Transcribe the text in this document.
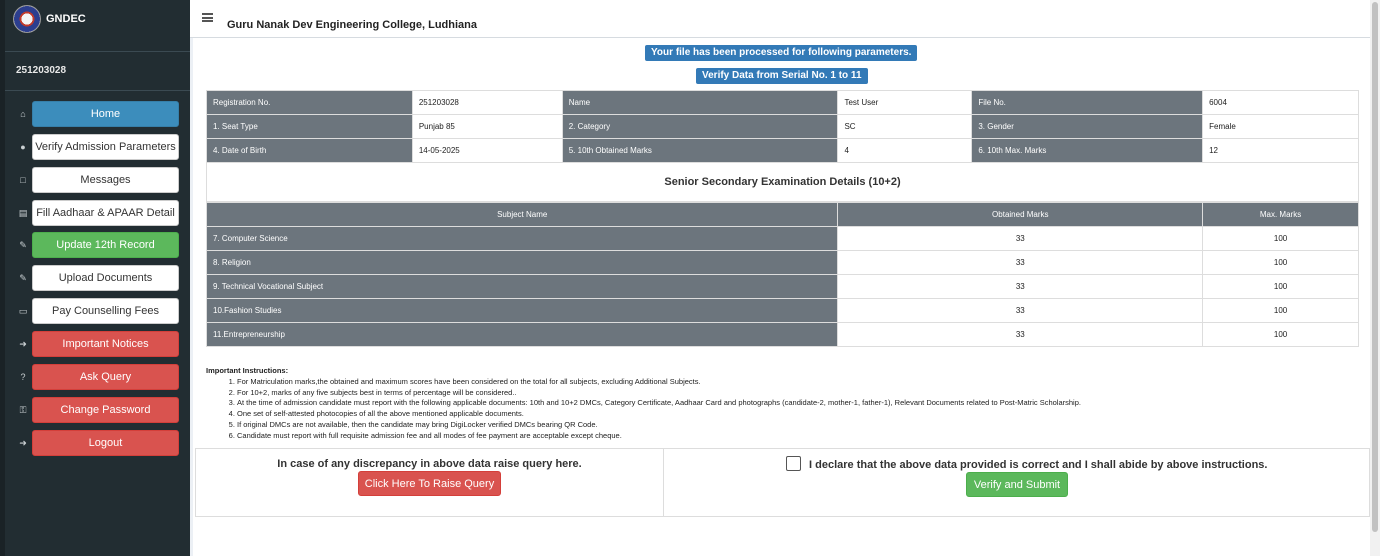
GNDEC
251203028
⌂	Home
● Verify Admission Parameters
□	Messages
▤ Fill Aadhaar & APAAR Detail
✎	Update 12th Record
✎	Upload Documents
▭	Pay Counselling Fees
➜	Important Notices
?	Ask Query
⚿	Change Password
➜	Logout
Guru Nanak Dev Engineering College, Ludhiana
Your file has been processed for following parameters.
Verify Data from Serial No. 1 to 11
Registration No.	251203028	Name	Test User	File No.	6004
1. Seat Type	Punjab 85	2. Category	SC	3. Gender	Female
4. Date of Birth	14-05-2025	5. 10th Obtained Marks	4	6. 10th Max. Marks	12
Senior Secondary Examination Details (10+2)
Subject Name	Obtained Marks	Max. Marks
7. Computer Science	33	100
8. Religion	33	100
9. Technical Vocational Subject	33	100
10.Fashion Studies	33	100
11.Entrepreneurship	33	100
Important Instructions:
1. For Matriculation marks,the obtained and maximum scores have been considered on the total for all subjects, excluding Additional Subjects.
2. For 10+2, marks of any five subjects best in terms of percentage will be considered..
3. At the time of admission candidate must report with the following applicable documents: 10th and 10+2 DMCs, Category Certificate, Aadhaar Card and photographs (candidate-2, mother-1, father-1), Relevant Documents related to Post-Matric Scholarship.
4. One set of self-attested photocopies of all the above mentioned applicable documents.
5. If original DMCs are not available, then the candidate may bring DigiLocker verified DMCs bearing QR Code.
6. Candidate must report with full requisite admission fee and all modes of fee payment are acceptable except cheque.
In case of any discrepancy in above data raise query here.
Click Here To Raise Query
I declare that the above data provided is correct and I shall abide by above instructions.
Verify and Submit
